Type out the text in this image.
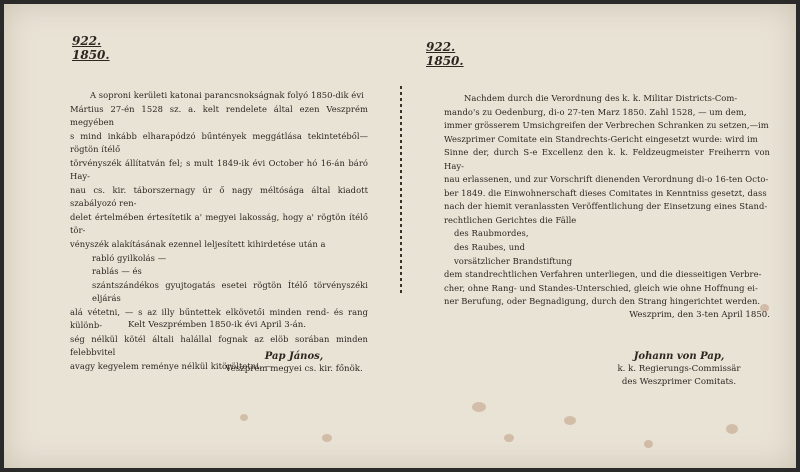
922.
1850.
A soproni kerületi katonai parancsnokságnak folyó 1850-dik évi
Mártius 27-én 1528 sz. a. kelt rendelete által ezen Veszprém megyében
s mind inkább elharapódzó bűntények meggátlása tekintetéből—rögtön ítélő
törvényszék állítatván fel; s mult 1849-ik évi October hó 16-án báró Hay-
nau cs. kir. táborszernagy úr ő nagy méltósága által kiadott szabályozó ren-
delet értelmében értesítetik a' megyei lakosság, hogy a' rögtön ítélő tör-
vényszék alakításának ezennel leljesített kihirdetése után a
rabló gyilkolás —
rablás — és
szántszándékos gyujtogatás esetei rögtön Ítélő törvényszéki eljárás
alá vétetni, — s az illy bűntettek elkövetői minden rend- és rang különb-
ség nélkül kötél általi halállal fognak az elöb sorában minden felebbvitel
avagy kegyelem reménye nélkül kitöröltetni. —
Kelt Veszprémben 1850-ik évi April 3-án.
Pap János,
Veszprém megyei cs. kir. főnök.
922.
1850.
Nachdem durch die Verordnung des k. k. Militar Districts-Com-
mando's zu Oedenburg, di-o 27-ten Marz 1850. Zahl 1528, — um dem,
immer grösserem Umsichgreifen der Verbrechen Schranken zu setzen,—im
Weszprimer Comitate ein Standrechts-Gericht eingesetzt wurde: wird im
Sinne der, durch S-e Excellenz den k. k. Feldzeugmeister Freiherrn von Hay-
nau erlassenen, und zur Vorschrift dienenden Verordnung di-o 16-ten Octo-
ber 1849. die Einwohnerschaft dieses Comitates in Kenntniss gesetzt, dass
nach der hiemit veranlassten Veröffentlichung der Einsetzung eines Stand-
rechtlichen Gerichtes die Fälle
des Raubmordes,
des Raubes, und
vorsätzlicher Brandstiftung
dem standrechtlichen Verfahren unterliegen, und die diesseitigen Verbre-
cher, ohne Rang- und Standes-Unterschied, gleich wie ohne Hoffnung ei-
ner Berufung, oder Begnadigung, durch den Strang hingerichtet werden.
Weszprim, den 3-ten April 1850.
Johann von Pap,
k. k. Regierungs-Commissär
des Weszprimer Comitats.
